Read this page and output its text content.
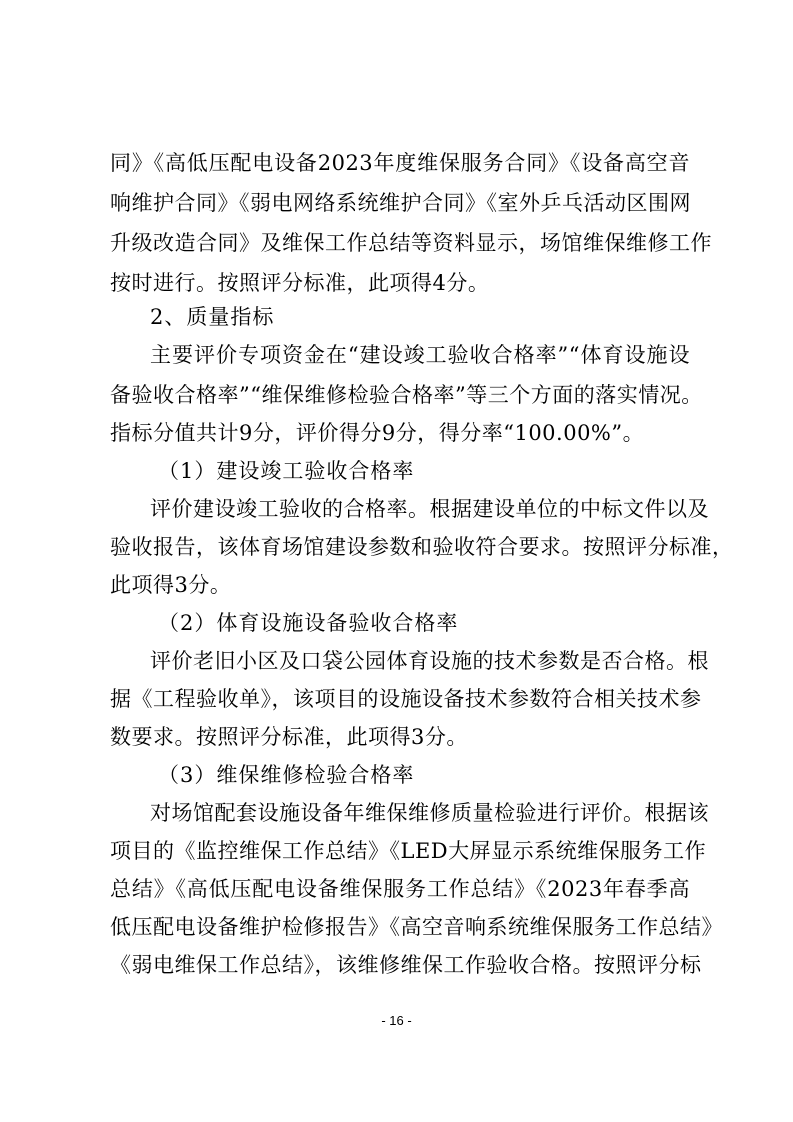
同》《高低压配电设备2023年度维保服务合同》《设备高空音
响维护合同》《弱电网络系统维护合同》《室外乒乓活动区围网
升级改造合同》及维保工作总结等资料显示，场馆维保维修工作
按时进行。按照评分标准，此项得4分。
2、质量指标
主要评价专项资金在“建设竣工验收合格率”“体育设施设
备验收合格率”“维保维修检验合格率”等三个方面的落实情况。
指标分值共计9分，评价得分9分，得分率“100.00%”。
（1）建设竣工验收合格率
评价建设竣工验收的合格率。根据建设单位的中标文件以及
验收报告，该体育场馆建设参数和验收符合要求。按照评分标准，
此项得3分。
（2）体育设施设备验收合格率
评价老旧小区及口袋公园体育设施的技术参数是否合格。根
据《工程验收单》，该项目的设施设备技术参数符合相关技术参
数要求。按照评分标准，此项得3分。
（3）维保维修检验合格率
对场馆配套设施设备年维保维修质量检验进行评价。根据该
项目的《监控维保工作总结》《LED大屏显示系统维保服务工作
总结》《高低压配电设备维保服务工作总结》《2023年春季高
低压配电设备维护检修报告》《高空音响系统维保服务工作总结》
《弱电维保工作总结》，该维修维保工作验收合格。按照评分标
- 16 -
